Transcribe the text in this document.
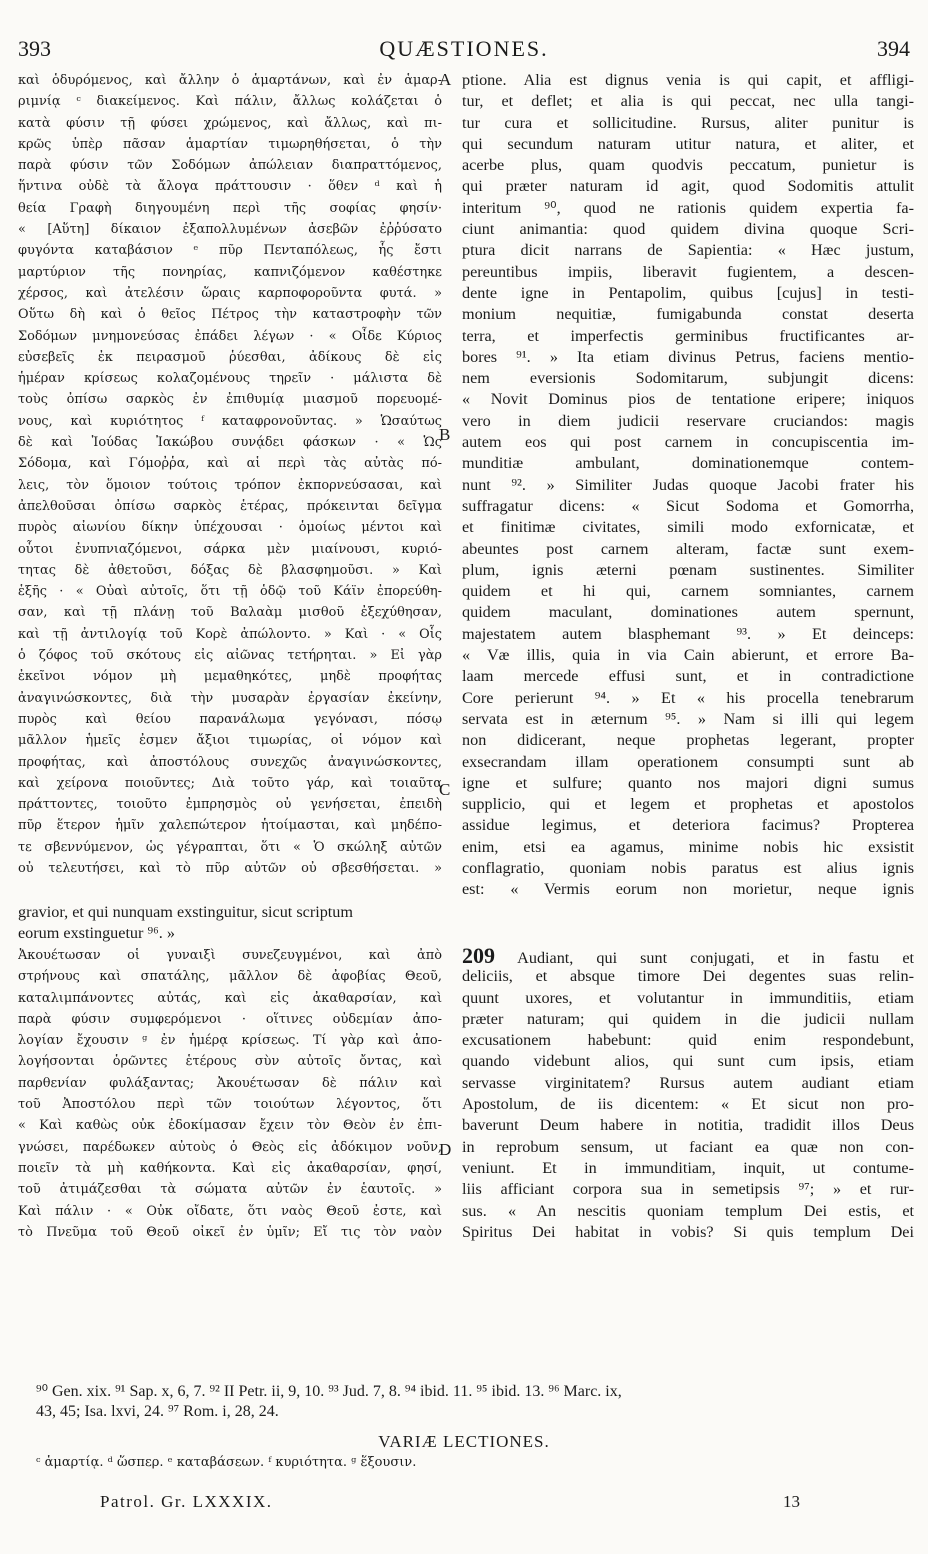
393	QUÆSTIONES.	394
καὶ ὁδυρόμενος, καὶ ἄλλην ὁ ἁμαρτάνων, καὶ ἐν ἁμαρ-
ριμνίᾳ ᶜ διακείμενος. Καὶ πάλιν, ἄλλως κολάζεται ὁ
κατὰ φύσιν τῇ φύσει χρώμενος, καὶ ἄλλως, καὶ πι-
κρῶς ὑπὲρ πᾶσαν ἁμαρτίαν τιμωρηθήσεται, ὁ τὴν
παρὰ φύσιν τῶν Σοδόμων ἀπώλειαν διαπραττόμενος,
ἥντινα οὐδὲ τὰ ἄλογα πράττουσιν · ὅθεν ᵈ καὶ ἡ
θεία Γραφὴ διηγουμένη περὶ τῆς σοφίας φησίν·
« [Αὕτη] δίκαιον ἐξαπολλυμένων ἀσεβῶν ἐῤῥύσατο
φυγόντα καταβάσιον ᵉ πῦρ Πενταπόλεως, ἧς ἔστι
μαρτύριον τῆς πονηρίας, καπνιζόμενον καθέστηκε
χέρσος, καὶ ἀτελέσιν ὥραις καρποφοροῦντα φυτά. »
Οὕτω δὴ καὶ ὁ θεῖος Πέτρος τὴν καταστροφὴν τῶν
Σοδόμων μνημονεύσας ἐπάδει λέγων · « Οἶδε Κύριος
εὐσεβεῖς ἐκ πειρασμοῦ ῥύεσθαι, ἀδίκους δὲ εἰς
ἡμέραν κρίσεως κολαζομένους τηρεῖν · μάλιστα δὲ
τοὺς ὀπίσω σαρκὸς ἐν ἐπιθυμίᾳ μιασμοῦ πορευομέ-
νους, καὶ κυριότητος ᶠ καταφρονοῦντας. » Ὡσαύτως
δὲ καὶ Ἰούδας Ἰακώβου συνᾴδει φάσκων · « Ὡς
Σόδομα, καὶ Γόμοῤῥα, καὶ αἱ περὶ τὰς αὐτὰς πό-
λεις, τὸν ὅμοιον τούτοις τρόπον ἐκπορνεύσασαι, καὶ
ἀπελθοῦσαι ὀπίσω σαρκὸς ἑτέρας, πρόκεινται δεῖγμα
πυρὸς αἰωνίου δίκην ὑπέχουσαι · ὁμοίως μέντοι καὶ
οὗτοι ἐνυπνιαζόμενοι, σάρκα μὲν μιαίνουσι, κυριό-
τητας δὲ ἀθετοῦσι, δόξας δὲ βλασφημοῦσι. » Καὶ
ἑξῆς · « Οὐαὶ αὐτοῖς, ὅτι τῇ ὁδῷ τοῦ Κάϊν ἐπορεύθη-
σαν, καὶ τῇ πλάνῃ τοῦ Βαλαὰμ μισθοῦ ἐξεχύθησαν,
καὶ τῇ ἀντιλογίᾳ τοῦ Κορὲ ἀπώλοντο. » Καὶ · « Οἷς
ὁ ζόφος τοῦ σκότους εἰς αἰῶνας τετήρηται. » Εἰ γὰρ
ἐκεῖνοι νόμον μὴ μεμαθηκότες, μηδὲ προφήτας
ἀναγινώσκοντες, διὰ τὴν μυσαρὰν ἐργασίαν ἐκείνην,
πυρὸς καὶ θείου παρανάλωμα γεγόνασι, πόσῳ
μᾶλλον ἡμεῖς ἐσμεν ἄξιοι τιμωρίας, οἱ νόμον καὶ
προφήτας, καὶ ἀποστόλους συνεχῶς ἀναγινώσκοντες,
καὶ χείρονα ποιοῦντες; Διὰ τοῦτο γάρ, καὶ τοιαῦτα
πράττοντες, τοιοῦτο ἐμπρησμὸς οὐ γενήσεται, ἐπειδὴ
πῦρ ἕτερον ἡμῖν χαλεπώτερον ἡτοίμασται, καὶ μηδέπο-
τε σβεννύμενον, ὡς γέγραπται, ὅτι « Ὁ σκώληξ αὐτῶν
οὐ τελευτήσει, καὶ τὸ πῦρ αὐτῶν οὐ σβεσθήσεται. »
ptione. Alia est dignus venia is qui capit, et affligi-
tur, et deflet; et alia is qui peccat, nec ulla tangi-
tur cura et sollicitudine. Rursus, aliter punitur is
qui secundum naturam utitur natura, et aliter, et
acerbe plus, quam quodvis peccatum, punietur is
qui præter naturam id agit, quod Sodomitis attulit
interitum ⁹⁰, quod ne rationis quidem expertia fa-
ciunt animantia: quod quidem divina quoque Scri-
ptura dicit narrans de Sapientia: « Hæc justum,
pereuntibus impiis, liberavit fugientem, a descen-
dente igne in Pentapolim, quibus [cujus] in testi-
monium nequitiæ, fumigabunda constat deserta
terra, et imperfectis germinibus fructificantes ar-
bores ⁹¹. » Ita etiam divinus Petrus, faciens mentio-
nem eversionis Sodomitarum, subjungit dicens:
« Novit Dominus pios de tentatione eripere; iniquos
vero in diem judicii reservare cruciandos: magis
autem eos qui post carnem in concupiscentia im-
munditiæ ambulant, dominationemque contem-
nunt ⁹². » Similiter Judas quoque Jacobi frater his
suffragatur dicens: « Sicut Sodoma et Gomorrha,
et finitimæ civitates, simili modo exfornicatæ, et
abeuntes post carnem alteram, factæ sunt exem-
plum, ignis æterni pœnam sustinentes. Similiter
quidem et hi qui, carnem somniantes, carnem
quidem maculant, dominationes autem spernunt,
majestatem autem blasphemant ⁹³. » Et deinceps:
« Væ illis, quia in via Cain abierunt, et errore Ba-
laam mercede effusi sunt, et in contradictione
Core perierunt ⁹⁴. » Et « his procella tenebrarum
servata est in æternum ⁹⁵. » Nam si illi qui legem
non didicerant, neque prophetas legerant, propter
exsecrandam illam operationem consumpti sunt ab
igne et sulfure; quanto nos majori digni sumus
supplicio, qui et legem et prophetas et apostolos
assidue legimus, et deteriora facimus? Propterea
enim, etsi ea agamus, minime nobis hic exsistit
conflagratio, quoniam nobis paratus est alius ignis
est: « Vermis eorum non morietur, neque ignis
A
B
C
D
gravior, et qui nunquam exstinguitur, sicut scriptum
eorum exstinguetur ⁹⁶. »
Ἀκουέτωσαν οἱ γυναιξὶ συνεζευγμένοι, καὶ ἀπὸ
στρήνους καὶ σπατάλης, μᾶλλον δὲ ἀφοβίας Θεοῦ,
καταλιμπάνοντες αὐτάς, καὶ εἰς ἀκαθαρσίαν, καὶ
παρὰ φύσιν συμφερόμενοι · οἵτινες οὐδεμίαν ἀπο-
λογίαν ἔχουσιν ᵍ ἐν ἡμέρᾳ κρίσεως. Τί γὰρ καὶ ἀπο-
λογήσονται ὁρῶντες ἑτέρους σὺν αὐτοῖς ὄντας, καὶ
παρθενίαν φυλάξαντας; Ἀκουέτωσαν δὲ πάλιν καὶ
τοῦ Ἀποστόλου περὶ τῶν τοιούτων λέγοντος, ὅτι
« Καὶ καθὼς οὐκ ἐδοκίμασαν ἔχειν τὸν Θεὸν ἐν ἐπι-
γνώσει, παρέδωκεν αὐτοὺς ὁ Θεὸς εἰς ἀδόκιμον νοῦν,
ποιεῖν τὰ μὴ καθήκοντα. Καὶ εἰς ἀκαθαρσίαν, φησί,
τοῦ ἀτιμάζεσθαι τὰ σώματα αὐτῶν ἐν ἑαυτοῖς. »
Καὶ πάλιν · « Οὐκ οἴδατε, ὅτι ναὸς Θεοῦ ἐστε, καὶ
τὸ Πνεῦμα τοῦ Θεοῦ οἰκεῖ ἐν ὑμῖν; Εἴ τις τὸν ναὸν
209 Audiant, qui sunt conjugati, et in fastu et
deliciis, et absque timore Dei degentes suas relin-
quunt uxores, et volutantur in immunditiis, etiam
præter naturam; qui quidem in die judicii nullam
excusationem habebunt: quid enim respondebunt,
quando videbunt alios, qui sunt cum ipsis, etiam
servasse virginitatem? Rursus autem audiant etiam
Apostolum, de iis dicentem: « Et sicut non pro-
baverunt Deum habere in notitia, tradidit illos Deus
in reprobum sensum, ut faciant ea quæ non con-
veniunt. Et in immunditiam, inquit, ut contume-
liis afficiant corpora sua in semetipsis ⁹⁷; » et rur-
sus. « An nescitis quoniam templum Dei estis, et
Spiritus Dei habitat in vobis? Si quis templum Dei
⁹⁰ Gen. xix. ⁹¹ Sap. x, 6, 7. ⁹² II Petr. ii, 9, 10. ⁹³ Jud. 7, 8. ⁹⁴ ibid. 11. ⁹⁵ ibid. 13. ⁹⁶ Marc. ix,
43, 45; Isa. lxvi, 24. ⁹⁷ Rom. i, 28, 24.
VARIÆ LECTIONES.
ᶜ ἁμαρτίᾳ. ᵈ ὥσπερ. ᵉ καταβάσεων. ᶠ κυριότητα. ᵍ ἕξουσιν.
Patrol. Gr. LXXXIX.	13
